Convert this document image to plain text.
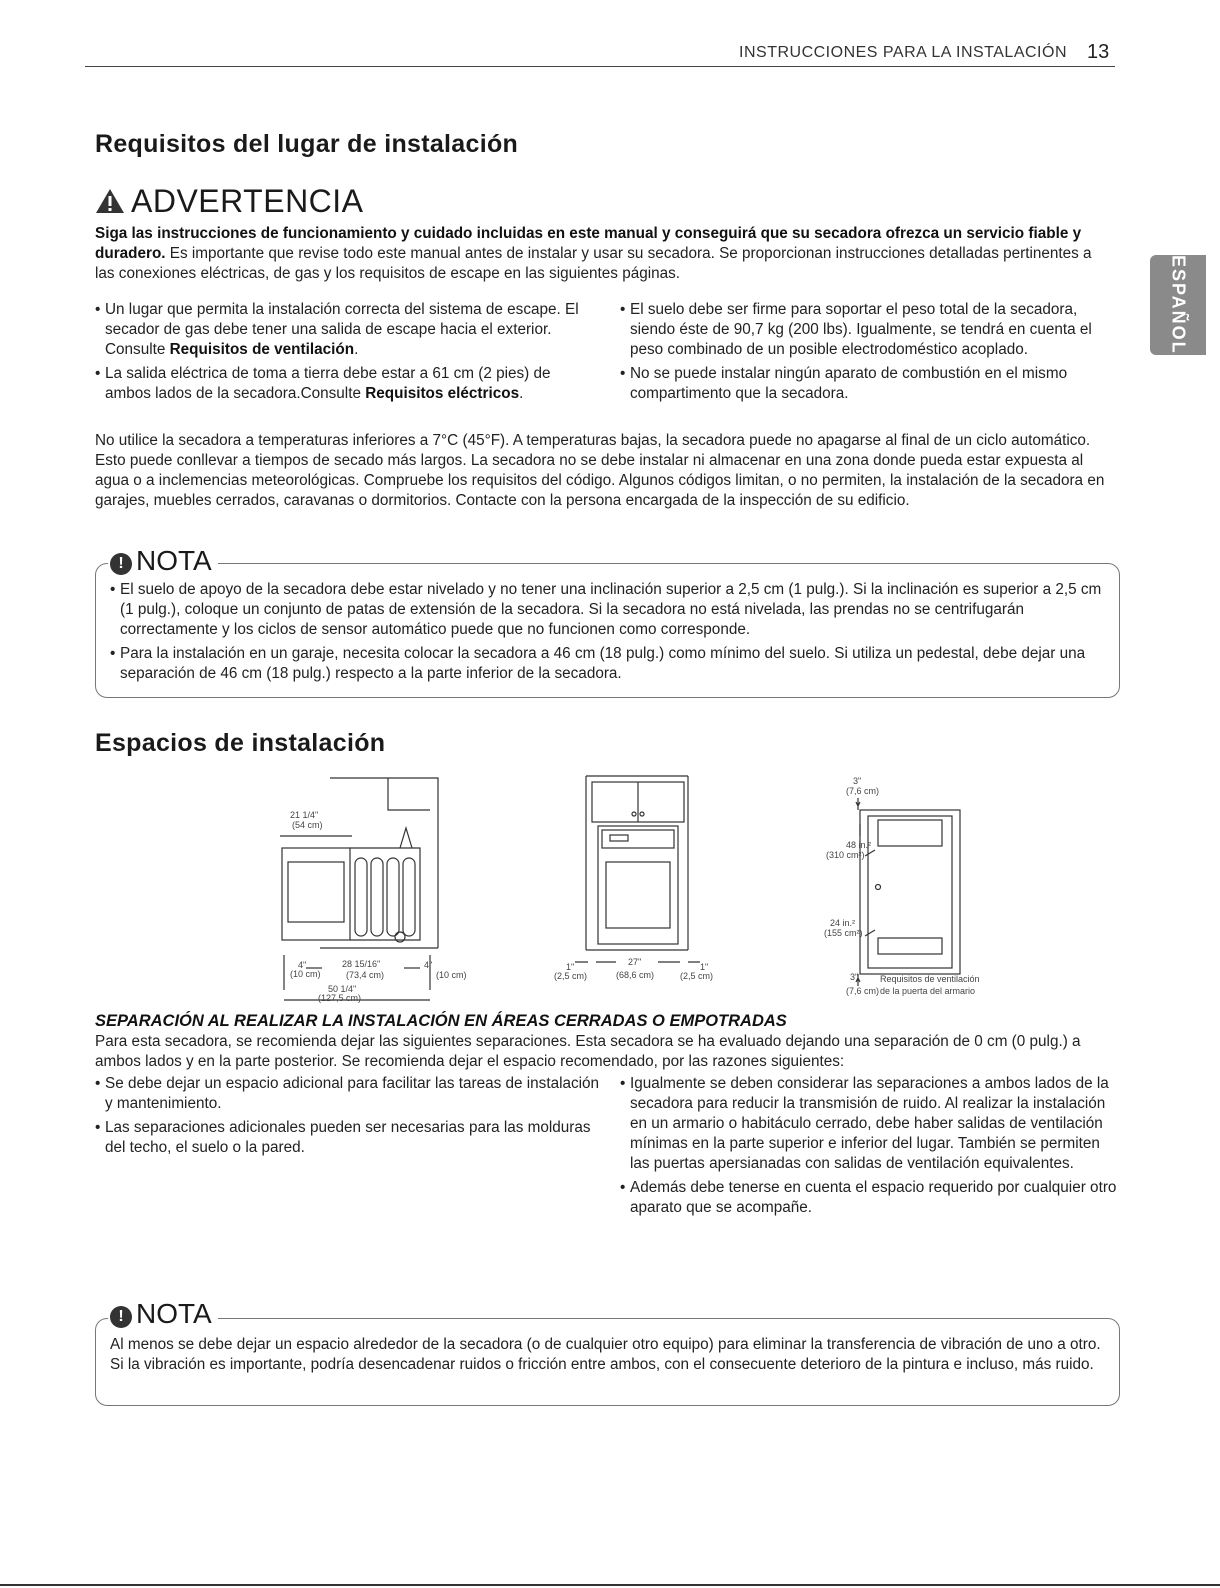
INSTRUCCIONES PARA LA INSTALACIÓN 13
ESPAÑOL
Requisitos del lugar de instalación
ADVERTENCIA
Siga las instrucciones de funcionamiento y cuidado incluidas en este manual y conseguirá que su secadora ofrezca un servicio fiable y duradero. Es importante que revise todo este manual antes de instalar y usar su secadora. Se proporcionan instrucciones detalladas pertinentes a las conexiones eléctricas, de gas y los requisitos de escape en las siguientes páginas.
• Un lugar que permita la instalación correcta del sistema de escape. El secador de gas debe tener una salida de escape hacia el exterior. Consulte Requisitos de ventilación.
• La salida eléctrica de toma a tierra debe estar a 61 cm (2 pies) de ambos lados de la secadora.Consulte Requisitos eléctricos.
• El suelo debe ser firme para soportar el peso total de la secadora, siendo éste de 90,7 kg (200 lbs). Igualmente, se tendrá en cuenta el peso combinado de un posible electrodoméstico acoplado.
• No se puede instalar ningún aparato de combustión en el mismo compartimento que la secadora.
No utilice la secadora a temperaturas inferiores a 7°C (45°F). A temperaturas bajas, la secadora puede no apagarse al final de un ciclo automático. Esto puede conllevar a tiempos de secado más largos. La secadora no se debe instalar ni almacenar en una zona donde pueda estar expuesta al agua o a inclemencias meteorológicas. Compruebe los requisitos del código. Algunos códigos limitan, o no permiten, la instalación de la secadora en garajes, muebles cerrados, caravanas o dormitorios. Contacte con la persona encargada de la inspección de su edificio.
! NOTA
• El suelo de apoyo de la secadora debe estar nivelado y no tener una inclinación superior a 2,5 cm (1 pulg.). Si la inclinación es superior a 2,5 cm (1 pulg.), coloque un conjunto de patas de extensión de la secadora. Si la secadora no está nivelada, las prendas no se centrifugarán correctamente y los ciclos de sensor automático puede que no funcionen como corresponde.
• Para la instalación en un garaje, necesita colocar la secadora a 46 cm (18 pulg.) como mínimo del suelo. Si utiliza un pedestal, debe dejar una separación de 46 cm (18 pulg.) respecto a la parte inferior de la secadora.
Espacios de instalación
21 1/4"
(54 cm)
4"
(10 cm)
28 15/16"
(73,4 cm)
4"
(10 cm)
50 1/4"
(127,5 cm)
1"
(2,5 cm)
27"
(68,6 cm)
1"
(2,5 cm)
3"
(7,6 cm)
48 in.²
(310 cm²)
24 in.²
(155 cm²)
3"
(7,6 cm)
Requisitos de ventilación
de la puerta del armario
SEPARACIÓN AL REALIZAR LA INSTALACIÓN EN ÁREAS CERRADAS O EMPOTRADAS
Para esta secadora, se recomienda dejar las siguientes separaciones. Esta secadora se ha evaluado dejando una separación de 0 cm (0 pulg.) a ambos lados y en la parte posterior. Se recomienda dejar el espacio recomendado, por las razones siguientes:
• Se debe dejar un espacio adicional para facilitar las tareas de instalación y mantenimiento.
• Las separaciones adicionales pueden ser necesarias para las molduras del techo, el suelo o la pared.
• Igualmente se deben considerar las separaciones a ambos lados de la secadora para reducir la transmisión de ruido. Al realizar la instalación en un armario o habitáculo cerrado, debe haber salidas de ventilación mínimas en la parte superior e inferior del lugar. También se permiten las puertas apersianadas con salidas de ventilación equivalentes.
• Además debe tenerse en cuenta el espacio requerido por cualquier otro aparato que se acompañe.
! NOTA
Al menos se debe dejar un espacio alrededor de la secadora (o de cualquier otro equipo) para eliminar la transferencia de vibración de uno a otro. Si la vibración es importante, podría desencadenar ruidos o fricción entre ambos, con el consecuente deterioro de la pintura e incluso, más ruido.
